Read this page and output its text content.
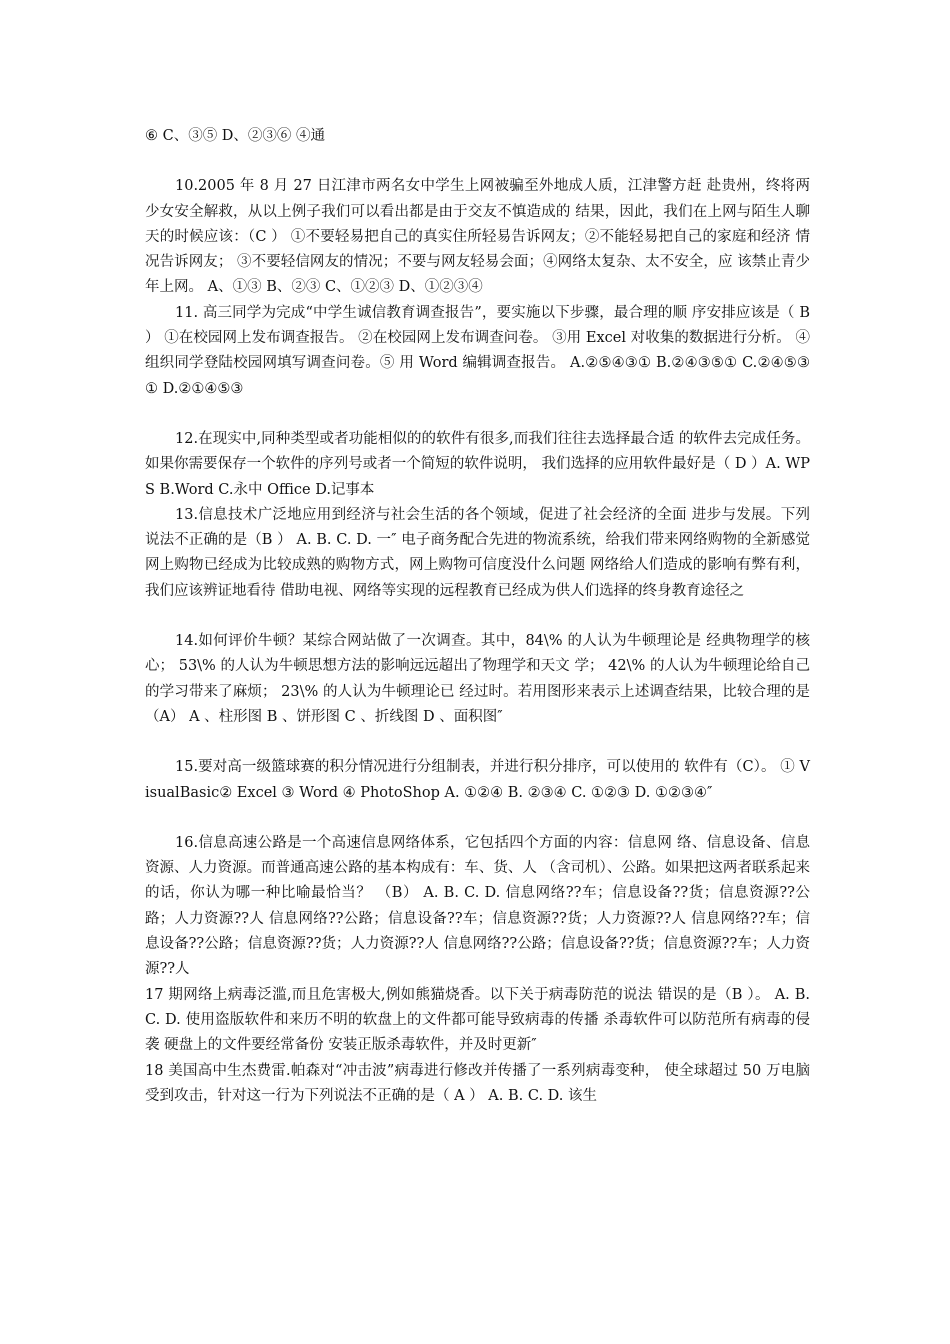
⑥ C、③⑤ D、②③⑥ ④通

10.2005 年 8 月 27 日江津市两名女中学生上网被骗至外地成人质，江津警方赶 赴贵州，终将两少女安全解救，从以上例子我们可以看出都是由于交友不慎造成的 结果，因此，我们在上网与陌生人聊天的时候应该：（C ） ①不要轻易把自己的真实住所轻易告诉网友；②不能轻易把自己的家庭和经济 情况告诉网友； ③不要轻信网友的情况；不要与网友轻易会面；④网络太复杂、太不安全，应 该禁止青少年上网。 A、①③ B、②③ C、①②③ D、①②③④

11. 高三同学为完成“中学生诚信教育调查报告”，要实施以下步骤，最合理的顺 序安排应该是（ B ） ①在校园网上发布调查报告。 ②在校园网上发布调查问卷。 ③用 Excel 对收集的数据进行分析。 ④组织同学登陆校园网填写调查问卷。⑤ 用 Word 编辑调查报告。 A.②⑤④③① B.②④③⑤① C.②④⑤③① D.②①④⑤③

12.在现实中,同种类型或者功能相似的的软件有很多,而我们往往去选择最合适 的软件去完成任务。如果你需要保存一个软件的序列号或者一个简短的软件说明， 我们选择的应用软件最好是（ D ）A. WPS B.Word C.永中 Office D.记事本

13.信息技术广泛地应用到经济与社会生活的各个领域，促进了社会经济的全面 进步与发展。下列说法不正确的是（B ） A. B. C. D. 一″ 电子商务配合先进的物流系统，给我们带来网络购物的全新感觉 网上购物已经成为比较成熟的购物方式，网上购物可信度没什么问题 网络给人们造成的影响有弊有利，我们应该辨证地看待 借助电视、网络等实现的远程教育已经成为供人们选择的终身教育途径之

14.如何评价牛顿？某综合网站做了一次调查。其中，84\% 的人认为牛顿理论是 经典物理学的核心； 53\% 的人认为牛顿思想方法的影响远远超出了物理学和天文 学； 42\% 的人认为牛顿理论给自己的学习带来了麻烦； 23\% 的人认为牛顿理论已 经过时。若用图形来表示上述调查结果，比较合理的是（A） A 、柱形图 B 、饼形图 C 、折线图 D 、面积图″

15.要对高一级篮球赛的积分情况进行分组制表，并进行积分排序，可以使用的 软件有（C）。 ① VisualBasic② Excel ③ Word ④ PhotoShop A. ①②④ B. ②③④ C. ①②③ D. ①②③④″

16.信息高速公路是一个高速信息网络体系，它包括四个方面的内容：信息网 络、信息设备、信息资源、人力资源。而普通高速公路的基本构成有：车、货、人 （含司机）、公路。如果把这两者联系起来的话，你认为哪一种比喻最恰当？ （B） A. B. C. D. 信息网络??车；信息设备??货；信息资源??公路；人力资源??人 信息网络??公路；信息设备??车；信息资源??货；人力资源??人 信息网络??车；信息设备??公路；信息资源??货；人力资源??人 信息网络??公路；信息设备??货；信息资源??车；人力资源??人

17 期网络上病毒泛滥,而且危害极大,例如熊猫烧香。以下关于病毒防范的说法 错误的是（B ）。 A. B. C. D. 使用盗版软件和来历不明的软盘上的文件都可能导致病毒的传播 杀毒软件可以防范所有病毒的侵袭 硬盘上的文件要经常备份 安装正版杀毒软件，并及时更新″

18 美国高中生杰费雷.帕森对“冲击波”病毒进行修改并传播了一系列病毒变种， 使全球超过 50 万电脑受到攻击，针对这一行为下列说法不正确的是（ A ） A. B. C. D. 该生
